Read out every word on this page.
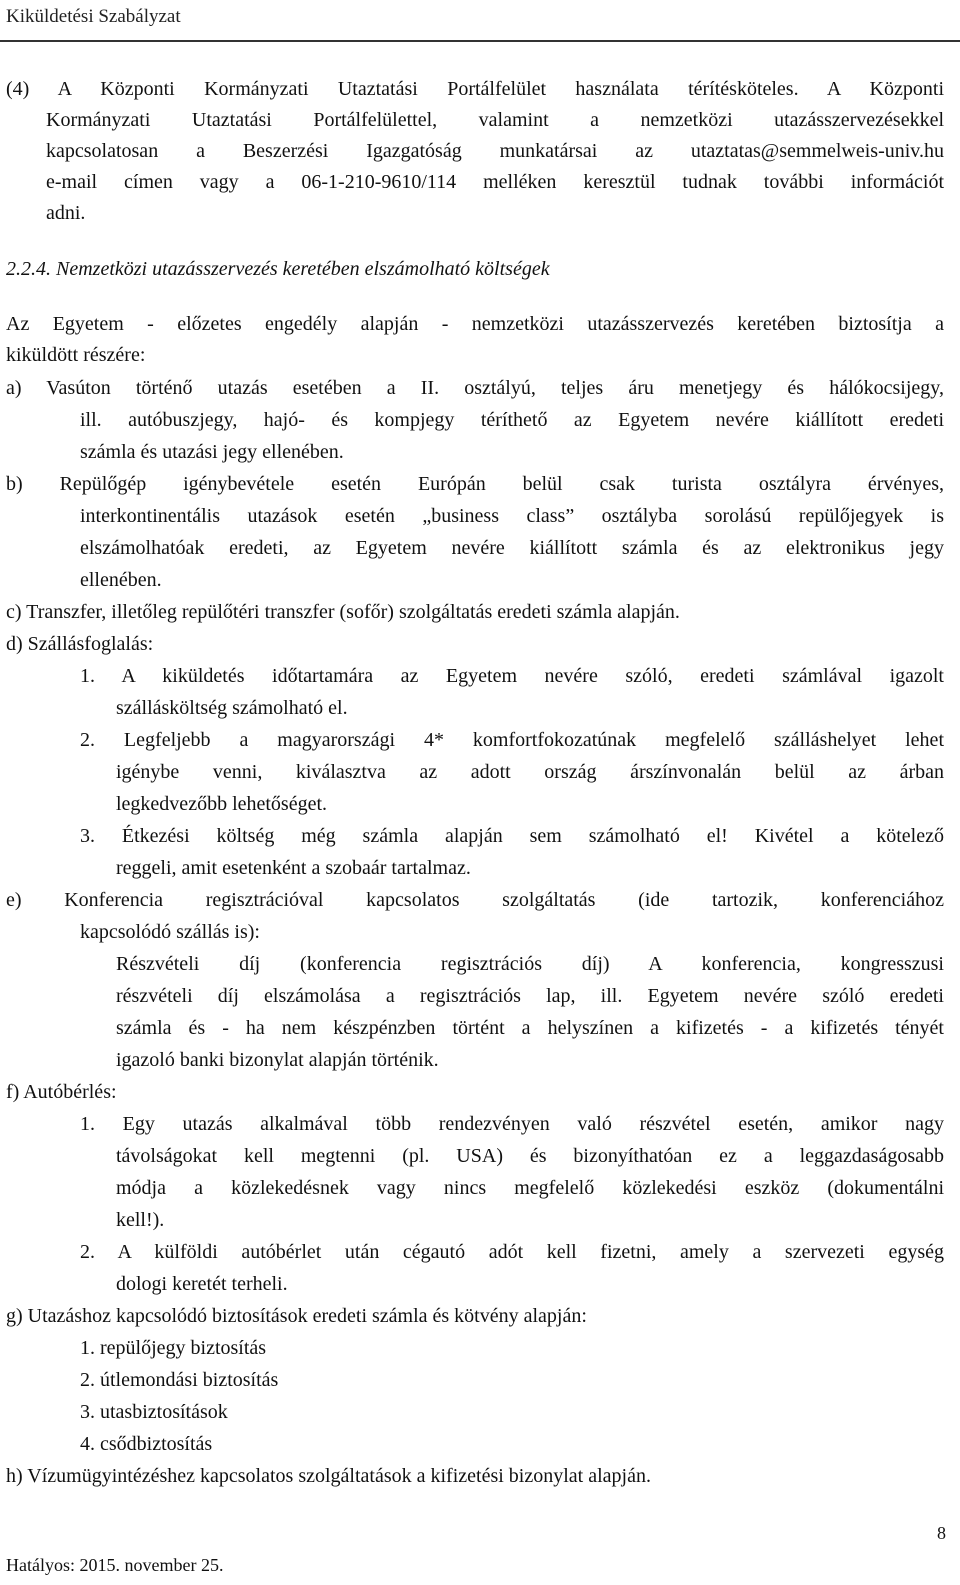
Kiküldetési Szabályzat
(4) A Központi Kormányzati Utaztatási Portálfelület használata térítésköteles. A Központi
Kormányzati Utaztatási Portálfelülettel, valamint a nemzetközi utazásszervezésekkel
kapcsolatosan a Beszerzési Igazgatóság munkatársai az utaztatas@semmelweis-univ.hu
e-mail címen vagy a 06-1-210-9610/114 melléken keresztül tudnak további információt
adni.
2.2.4. Nemzetközi utazásszervezés keretében elszámolható költségek
Az Egyetem - előzetes engedély alapján - nemzetközi utazásszervezés keretében biztosítja a
kiküldött részére:
a) Vasúton történő utazás esetében a II. osztályú, teljes áru menetjegy és hálókocsijegy,
ill. autóbuszjegy, hajó- és kompjegy téríthető az Egyetem nevére kiállított eredeti
számla és utazási jegy ellenében.
b) Repülőgép igénybevétele esetén Európán belül csak turista osztályra érvényes,
interkontinentális utazások esetén „business class” osztályba sorolású repülőjegyek is
elszámolhatóak eredeti, az Egyetem nevére kiállított számla és az elektronikus jegy
ellenében.
c) Transzfer, illetőleg repülőtéri transzfer (sofőr) szolgáltatás eredeti számla alapján.
d) Szállásfoglalás:
1. A kiküldetés időtartamára az Egyetem nevére szóló, eredeti számlával igazolt
szállásköltség számolható el.
2. Legfeljebb a magyarországi 4* komfortfokozatúnak megfelelő szálláshelyet lehet
igénybe venni, kiválasztva az adott ország árszínvonalán belül az árban
legkedvezőbb lehetőséget.
3. Étkezési költség még számla alapján sem számolható el! Kivétel a kötelező
reggeli, amit esetenként a szobaár tartalmaz.
e) Konferencia regisztrációval kapcsolatos szolgáltatás (ide tartozik, konferenciához
kapcsolódó szállás is):
Részvételi díj (konferencia regisztrációs díj) A konferencia, kongresszusi
részvételi díj elszámolása a regisztrációs lap, ill. Egyetem nevére szóló eredeti
számla és - ha nem készpénzben történt a helyszínen a kifizetés - a kifizetés tényét
igazoló banki bizonylat alapján történik.
f) Autóbérlés:
1. Egy utazás alkalmával több rendezvényen való részvétel esetén, amikor nagy
távolságokat kell megtenni (pl. USA) és bizonyíthatóan ez a leggazdaságosabb
módja a közlekedésnek vagy nincs megfelelő közlekedési eszköz (dokumentálni
kell!).
2. A külföldi autóbérlet után cégautó adót kell fizetni, amely a szervezeti egység
dologi keretét terheli.
g) Utazáshoz kapcsolódó biztosítások eredeti számla és kötvény alapján:
1. repülőjegy biztosítás
2. útlemondási biztosítás
3. utasbiztosítások
4. csődbiztosítás
h) Vízumügyintézéshez kapcsolatos szolgáltatások a kifizetési bizonylat alapján.
8
Hatályos: 2015. november 25.
